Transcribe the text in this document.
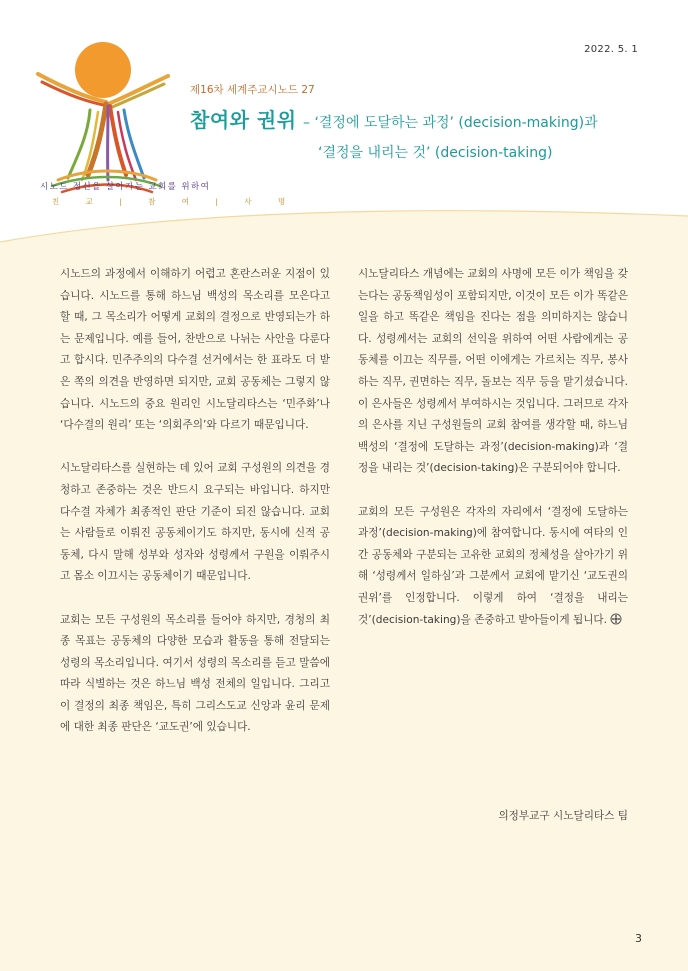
2022. 5. 1
시노드 정신을 살아가는 교회를 위하여
친 교 | 참 여 | 사 명
제16차 세계주교시노드 27
참여와 권위 – ‘결정에 도달하는 과정’ (decision-making)과
‘결정을 내리는 것’ (decision-taking)

시노드의 과정에서 이해하기 어렵고 혼란스러운 지점이 있습니다. 시노드를 통해 하느님 백성의 목소리를 모은다고 할 때, 그 목소리가 어떻게 교회의 결정으로 반영되는가 하는 문제입니다. 예를 들어, 찬반으로 나뉘는 사안을 다룬다고 합시다. 민주주의의 다수결 선거에서는 한 표라도 더 받은 쪽의 의견을 반영하면 되지만, 교회 공동체는 그렇지 않습니다. 시노드의 중요 원리인 시노달리타스는 ‘민주화’나 ‘다수결의 원리’ 또는 ‘의회주의’와 다르기 때문입니다.

시노달리타스를 실현하는 데 있어 교회 구성원의 의견을 경청하고 존중하는 것은 반드시 요구되는 바입니다. 하지만 다수결 자체가 최종적인 판단 기준이 되진 않습니다. 교회는 사람들로 이뤄진 공동체이기도 하지만, 동시에 신적 공동체, 다시 말해 성부와 성자와 성령께서 구원을 이뤄주시고 몸소 이끄시는 공동체이기 때문입니다.

교회는 모든 구성원의 목소리를 들어야 하지만, 경청의 최종 목표는 공동체의 다양한 모습과 활동을 통해 전달되는 성령의 목소리입니다. 여기서 성령의 목소리를 듣고 말씀에 따라 식별하는 것은 하느님 백성 전체의 일입니다. 그리고 이 결정의 최종 책임은, 특히 그리스도교 신앙과 윤리 문제에 대한 최종 판단은 ‘교도권’에 있습니다.

시노달리타스 개념에는 교회의 사명에 모든 이가 책임을 갖는다는 공동책임성이 포함되지만, 이것이 모든 이가 똑같은 일을 하고 똑같은 책임을 진다는 점을 의미하지는 않습니다. 성령께서는 교회의 선익을 위하여 어떤 사람에게는 공동체를 이끄는 직무를, 어떤 이에게는 가르치는 직무, 봉사하는 직무, 권면하는 직무, 돌보는 직무 등을 맡기셨습니다. 이 은사들은 성령께서 부여하시는 것입니다. 그러므로 각자의 은사를 지닌 구성원들의 교회 참여를 생각할 때, 하느님 백성의 ‘결정에 도달하는 과정’(decision-making)과 ‘결정을 내리는 것’(decision-taking)은 구분되어야 합니다.

교회의 모든 구성원은 각자의 자리에서 ‘결정에 도달하는 과정’(decision-making)에 참여합니다. 동시에 여타의 인간 공동체와 구분되는 고유한 교회의 정체성을 살아가기 위해 ‘성령께서 일하심’과 그분께서 교회에 맡기신 ‘교도권의 권위’를 인정합니다. 이렇게 하여 ‘결정을 내리는 것’(decision-taking)을 존중하고 받아들이게 됩니다.

의정부교구 시노달리타스 팀
3
